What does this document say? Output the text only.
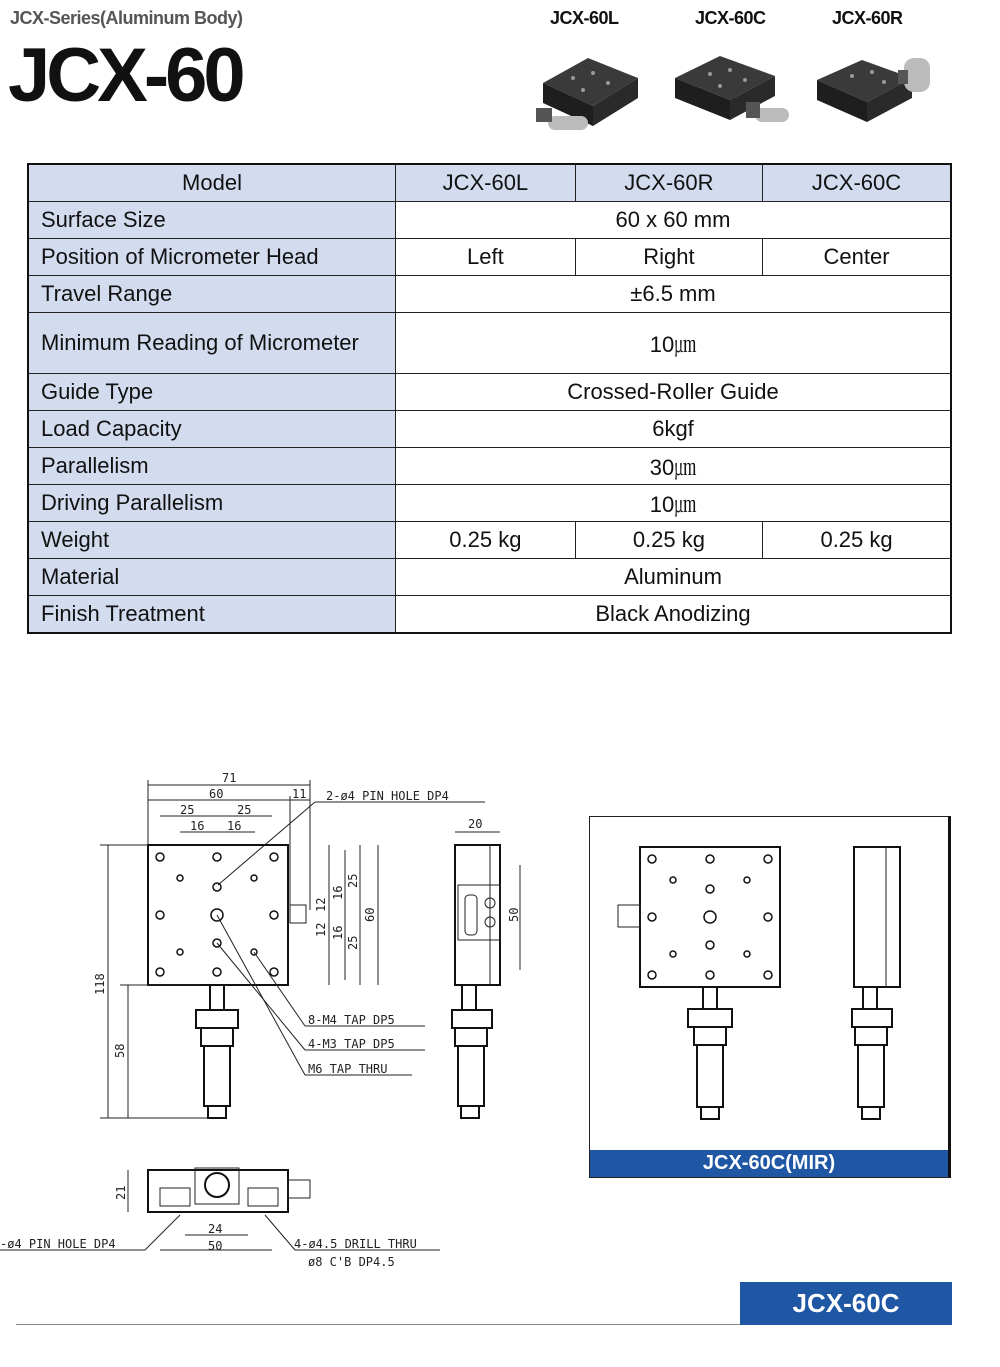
JCX-Series(Aluminum Body)
JCX-60
JCX-60L	JCX-60C	JCX-60R
Model	JCX-60L	JCX-60R	JCX-60C
Surface Size	60 x 60 mm		
Position of Micrometer Head	Left	Right	Center
Travel Range	±6.5 mm		
Minimum Reading of Micrometer	10㎛		
Guide Type	Crossed-Roller Guide		
Load Capacity	6kgf		
Parallelism	30㎛		
Driving Parallelism	10㎛		
Weight	0.25 kg	0.25 kg	0.25 kg
Material	Aluminum		
Finish Treatment	Black Anodizing		
71
60	11
25	25
16 16
2-ø4 PIN HOLE DP4
12
16
25
12 16
25
60
118
58
8-M4 TAP DP5
4-M3 TAP DP5
M6 TAP THRU
20
50
21
24
50
-ø4 PIN HOLE DP4	4-ø4.5 DRILL THRU
ø8 C'B DP4.5
JCX-60C(MIR)
JCX-60C
